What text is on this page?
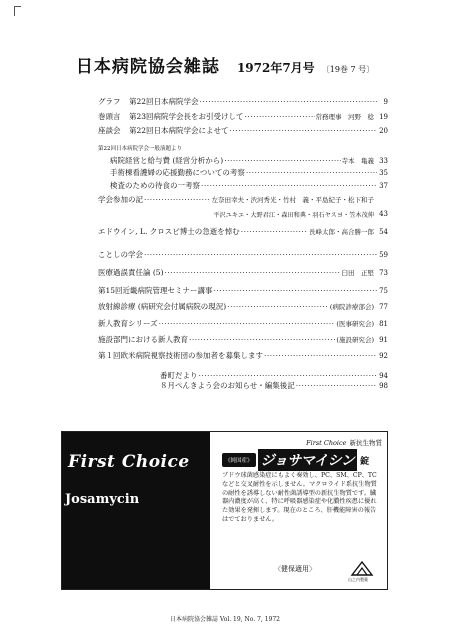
日本病院協会雑誌 1972年7月号 〔19巻 7 号〕
グラフ	第22回日本病院学会 ·····	9
巻頭言	第23回病院学会長をお引受けして ·····	常務理事　河野　稔 19
座談会	第22回日本病院学会によせて ·····	20
第22回日本病院学会一般演題より
病院経営と給与費 (経営分析から) ·····	寺本　亀義 33
手術棟看護婦の応援勤務についての考察 ·····	35
検査のための待食の一考察 ·····	37
学会参加の記 ·····	左奈田幸夫・渋河秀光・竹村　義・平島紀子・松下和子
平沢ユキエ・大野君江・森田和典・羽石ヤスヨ・笠木茂伸 43
エドウイン, L. クロスビ博士の急逝を悼む ·····	長峰太郎・高合勝一郎 54
ことしの学会 ·····	59
医療過誤責任論 (5) ·····	臼田　正堅 73
第15回近畿病院管理セミナー講事 ·····	75
放射線診療 (病研究会付属病院の現況) ·····	(病院診療部会) 77
新人教育シリーズ ·····	(医事研究会) 81
施設部門における新人教育 ·····	(施設研究会) 91
第１回欧米病院視察技術団の参加者を募集します ·····	92
番町だより ·····	94
８月ぺんきよう会のお知らせ・編集後記 ·····	98
First Choice
Josamycin
First Choice 新抗生物質
《純国産》 ジョサマイシン 錠
ブドウ球菌感染症にもよく奏効し、PC、SM、CP、TCなどと交叉耐性を示しません。マクロライド系抗生物質の耐性を誘導しない耐性菌誘導型の新抗生物質です。臓器内濃度が高く、特に呼吸器感染症や化膿性疾患に優れた効果を発揮します。現在のところ、肝機能障害の報告はでておりません。
〈健保適用〉
山之内製薬
日本病院協会雑誌 Vol. 19, No. 7, 1972
